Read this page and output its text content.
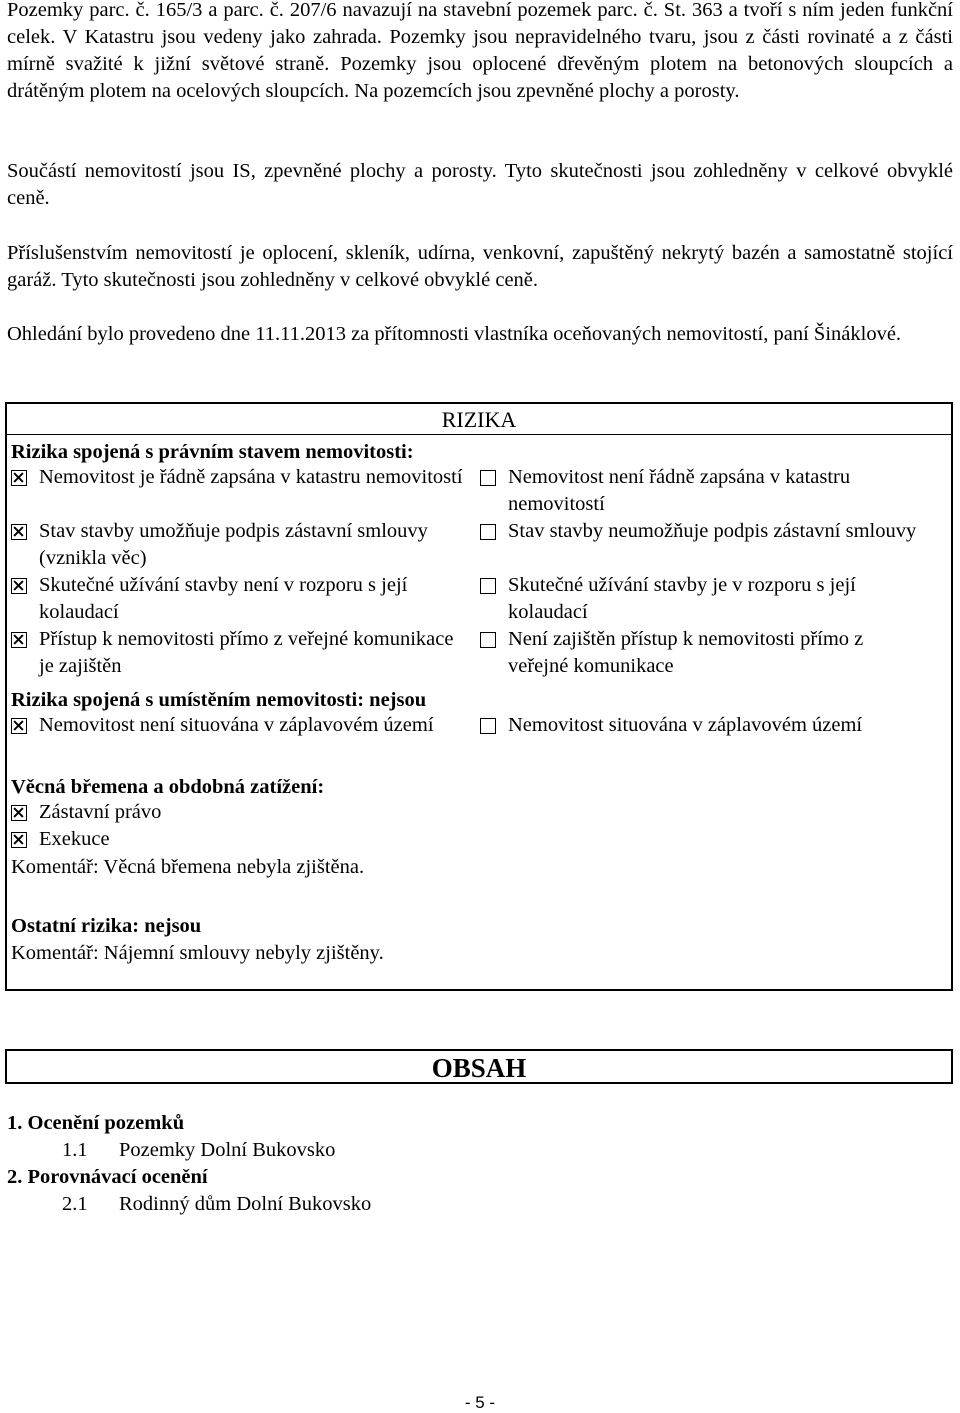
Pozemky parc. č. 165/3 a parc. č. 207/6 navazují na stavební pozemek parc. č. St. 363 a tvoří s ním jeden funkční celek. V Katastru jsou vedeny jako zahrada. Pozemky jsou nepravidelného tvaru, jsou z části rovinaté a z části mírně svažité k jižní světové straně. Pozemky jsou oplocené dřevěným plotem na betonových sloupcích a drátěným plotem na ocelových sloupcích. Na pozemcích jsou zpevněné plochy a porosty.

Součástí nemovitostí jsou IS, zpevněné plochy a porosty. Tyto skutečnosti jsou zohledněny v celkové obvyklé ceně.

Příslušenstvím nemovitostí je oplocení, skleník, udírna, venkovní, zapuštěný nekrytý bazén a samostatně stojící garáž. Tyto skutečnosti jsou zohledněny v celkové obvyklé ceně.

Ohledání bylo provedeno dne 11.11.2013 za přítomnosti vlastníka oceňovaných nemovitostí, paní Šináklové.

RIZIKA
Rizika spojená s právním stavem nemovitosti:
Nemovitost je řádně zapsána v katastru nemovitostí	Nemovitost není řádně zapsána v katastru nemovitostí
Stav stavby umožňuje podpis zástavní smlouvy (vznikla věc)
Stav stavby neumožňuje podpis zástavní smlouvy
Skutečné užívání stavby není v rozporu s její kolaudací
Skutečné užívání stavby je v rozporu s její kolaudací
Přístup k nemovitosti přímo z veřejné komunikace je zajištěn
Není zajištěn přístup k nemovitosti přímo z veřejné komunikace
Rizika spojená s umístěním nemovitosti: nejsou
Nemovitost není situována v záplavovém území	Nemovitost situována v záplavovém území
Věcná břemena a obdobná zatížení:
Zástavní právo
Exekuce
Komentář: Věcná břemena nebyla zjištěna.
Ostatní rizika: nejsou
Komentář: Nájemní smlouvy nebyly zjištěny.
OBSAH
1. Ocenění pozemků
1.1 Pozemky Dolní Bukovsko
2. Porovnávací ocenění
2.1 Rodinný dům Dolní Bukovsko
- 5 -
